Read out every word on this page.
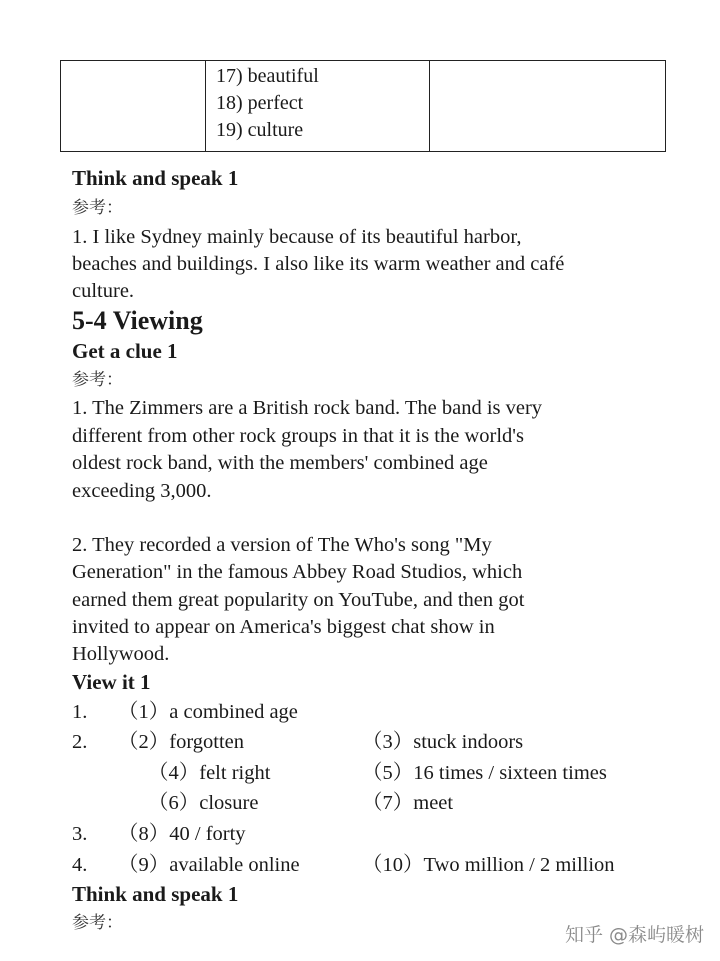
17) beautiful
18) perfect
19) culture
Think and speak 1
参考：
1. I like Sydney mainly because of its beautiful harbor,
beaches and buildings. I also like its warm weather and café
culture.
5-4 Viewing
Get a clue 1
参考：
1. The Zimmers are a British rock band. The band is very
different from other rock groups in that it is the world's
oldest rock band, with the members' combined age
exceeding 3,000.
2. They recorded a version of The Who's song "My
Generation" in the famous Abbey Road Studios, which
earned them great popularity on YouTube, and then got
invited to appear on America's biggest chat show in
Hollywood.
View it 1
1. （1）a combined age
2. （2）forgotten	（3）stuck indoors
（4）felt right	（5）16 times / sixteen times
（6）closure	（7）meet
3. （8）40 / forty
4. （9）available online	（10）Two million / 2 million
Think and speak 1
参考：
知乎 @森屿暖树
